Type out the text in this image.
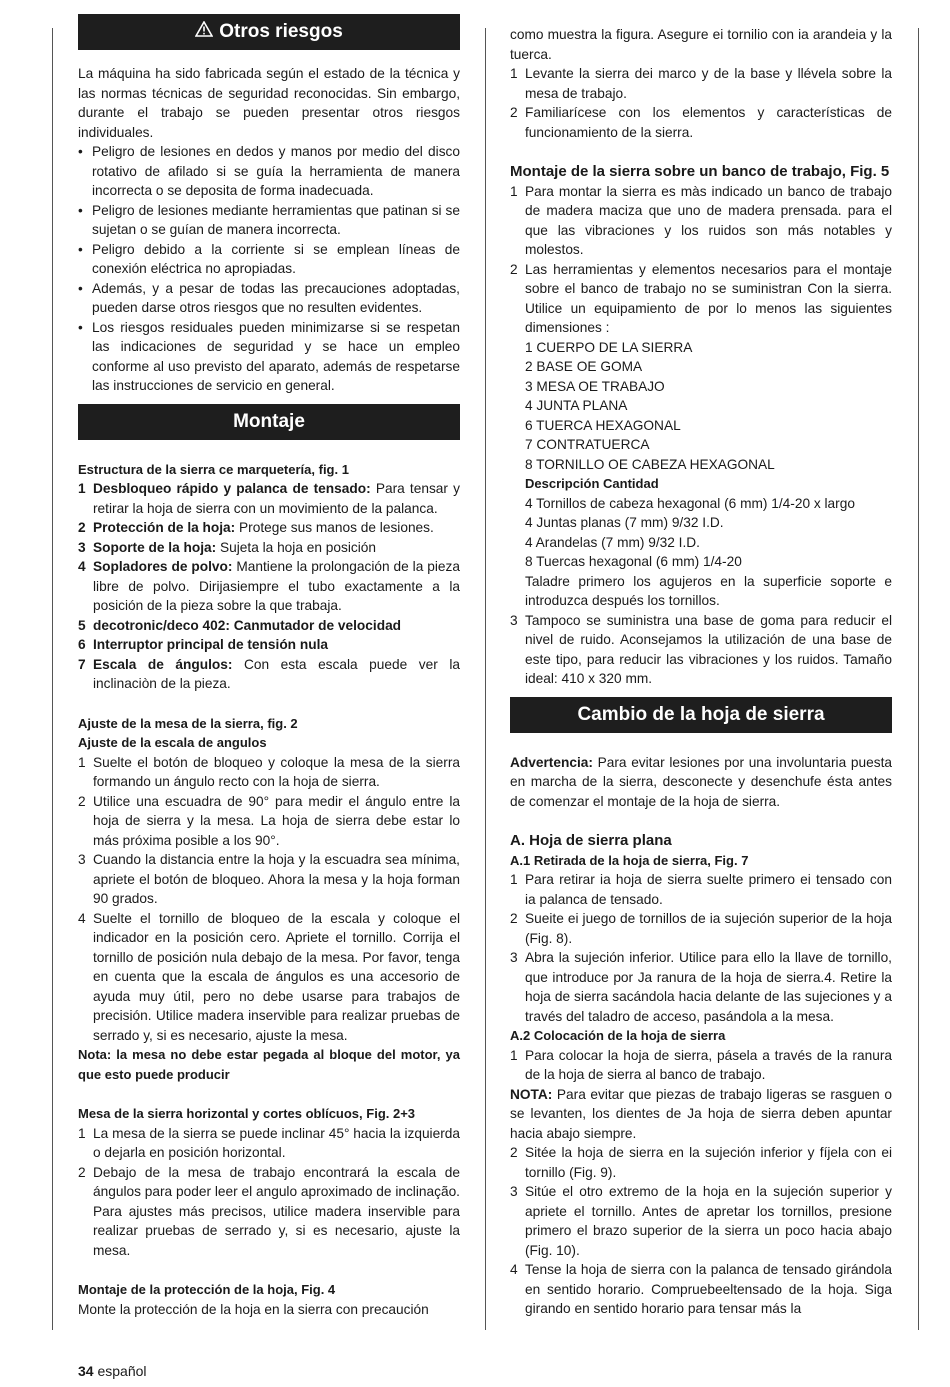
Otros riesgos
La máquina ha sido fabricada según el estado de la técnica y las normas técnicas de seguridad reconocidas. Sin embargo, durante el trabajo se pueden presentar otros riesgos individuales.
• Peligro de lesiones en dedos y manos por medio del disco rotativo de afilado si se guía la herramienta de manera incorrecta o se deposita de forma inadecuada.
• Peligro de lesiones mediante herramientas que patinan si se sujetan o se guían de manera incorrecta.
• Peligro debido a la corriente si se emplean líneas de conexión eléctrica no apropiadas.
• Además, y a pesar de todas las precauciones adoptadas, pueden darse otros riesgos que no resulten evidentes.
• Los riesgos residuales pueden minimizarse si se respetan las indicaciones de seguridad y se hace un empleo conforme al uso previsto del aparato, además de respetarse las instrucciones de servicio en general.
Montaje
Estructura de la sierra ce marquetería, fig. 1
1 Desbloqueo rápido y palanca de tensado: Para tensar y retirar la hoja de sierra con un movimiento de la palanca.
2 Protección de la hoja: Protege sus manos de lesiones.
3 Soporte de la hoja: Sujeta la hoja en posición
4 Sopladores de polvo: Mantiene la prolongación de la pieza libre de polvo. Dirijasiempre el tubo exactamente a la posición de la pieza sobre la que trabaja.
5 decotronic/deco 402: Canmutador de velocidad
6 Interruptor principal de tensión nula
7 Escala de ángulos: Con esta escala puede ver la inclinaciòn de la pieza.
Ajuste de la mesa de la sierra, fig. 2
Ajuste de la escala de angulos
1 Suelte el botón de bloqueo y coloque la mesa de la sierra formando un ángulo recto con la hoja de sierra.
2 Utilice una escuadra de 90° para medir el ángulo entre la hoja de sierra y la mesa. La hoja de sierra debe estar lo más próxima posible a los 90°.
3 Cuando la distancia entre la hoja y la escuadra sea mínima, apriete el botón de bloqueo. Ahora la mesa y la hoja forman 90 grados.
4 Suelte el tornillo de bloqueo de la escala y coloque el indicador en la posición cero. Apriete el tornillo. Corrija el tornillo de posición nula debajo de la mesa. Por favor, tenga en cuenta que la escala de ángulos es una accesorio de ayuda muy útil, pero no debe usarse para trabajos de precisión. Utilice madera inservible para realizar pruebas de serrado y, si es necesario, ajuste la mesa.
Nota: la mesa no debe estar pegada al bloque del motor, ya que esto puede producir
Mesa de la sierra horizontal y cortes oblícuos, Fig. 2+3
1 La mesa de la sierra se puede inclinar 45° hacia la izquierda o dejarla en posición horizontal.
2 Debajo de la mesa de trabajo encontrará la escala de ángulos para poder leer el angulo aproximado de inclinação. Para ajustes más precisos, utilice madera inservible para realizar pruebas de serrado y, si es necesario, ajuste la mesa.
Montaje de la protección de la hoja, Fig. 4
Monte la protección de la hoja en la sierra con precaución
como muestra la figura. Asegure ei tornilio con ia arandeia y la tuerca.
1 Levante la sierra dei marco y de la base y llévela sobre la mesa de trabajo.
2 Familiarícese con los elementos y características de funcionamiento de la sierra.
Montaje de la sierra sobre un banco de trabajo, Fig. 5
1 Para montar la sierra es màs indicado un banco de trabajo de madera maciza que uno de madera prensada. para el que las vibraciones y los ruidos son más notables y molestos.
2 Las herramientas y elementos necesarios para el montaje sobre el banco de trabajo no se suministran Con la sierra. Utilice un equipamiento de por lo menos las siguientes dimensiones :
1 CUERPO DE LA SIERRA
2 BASE OE GOMA
3 MESA OE TRABAJO
4 JUNTA PLANA
6 TUERCA HEXAGONAL
7 CONTRATUERCA
8 TORNILLO OE CABEZA HEXAGONAL
Descripción Cantidad
4 Tornillos de cabeza hexagonal (6 mm) 1/4-20 x largo
4 Juntas planas (7 mm) 9/32 I.D.
4 Arandelas (7 mm) 9/32 I.D.
8 Tuercas hexagonal (6 mm) 1/4-20
Taladre primero los agujeros en la superficie soporte e introduzca después los tornillos.
3 Tampoco se suministra una base de goma para reducir el nivel de ruido. Aconsejamos la utilización de una base de este tipo, para reducir las vibraciones y los ruidos. Tamaño ideal: 410 x 320 mm.
Cambio de la hoja de sierra
Advertencia: Para evitar lesiones por una involuntaria puesta en marcha de la sierra, desconecte y desenchufe ésta antes de comenzar el montaje de la hoja de sierra.
A. Hoja de sierra plana
A.1 Retirada de la hoja de sierra, Fig. 7
1 Para retirar ia hoja de sierra suelte primero ei tensado con ia palanca de tensado.
2 Sueite ei juego de tornillos de ia sujeción superior de la hoja (Fig. 8).
3 Abra la sujeción inferior. Utilice para ello la llave de tornillo, que introduce por Ja ranura de la hoja de sierra.4. Retire la hoja de sierra sacándola hacia delante de las sujeciones y a través del taladro de acceso, pasándola a la mesa.
A.2 Colocación de la hoja de sierra
1 Para colocar la hoja de sierra, pásela a través de la ranura de la hoja de sierra al banco de trabajo.
NOTA: Para evitar que piezas de trabajo ligeras se rasguen o se levanten, los dientes de Ja hoja de sierra deben apuntar hacia abajo siempre.
2 Sitée la hoja de sierra en la sujeción inferior y fíjela con ei tornillo (Fig. 9).
3 Sitúe el otro extremo de la hoja en la sujeción superior y apriete el tornillo. Antes de apretar los tornillos, presione primero el brazo superior de la sierra un poco hacia abajo (Fig. 10).
4 Tense la hoja de sierra con la palanca de tensado girándola en sentido horario. Compruebeeltensado de la hoja. Siga girando en sentido horario para tensar más la
34 español
